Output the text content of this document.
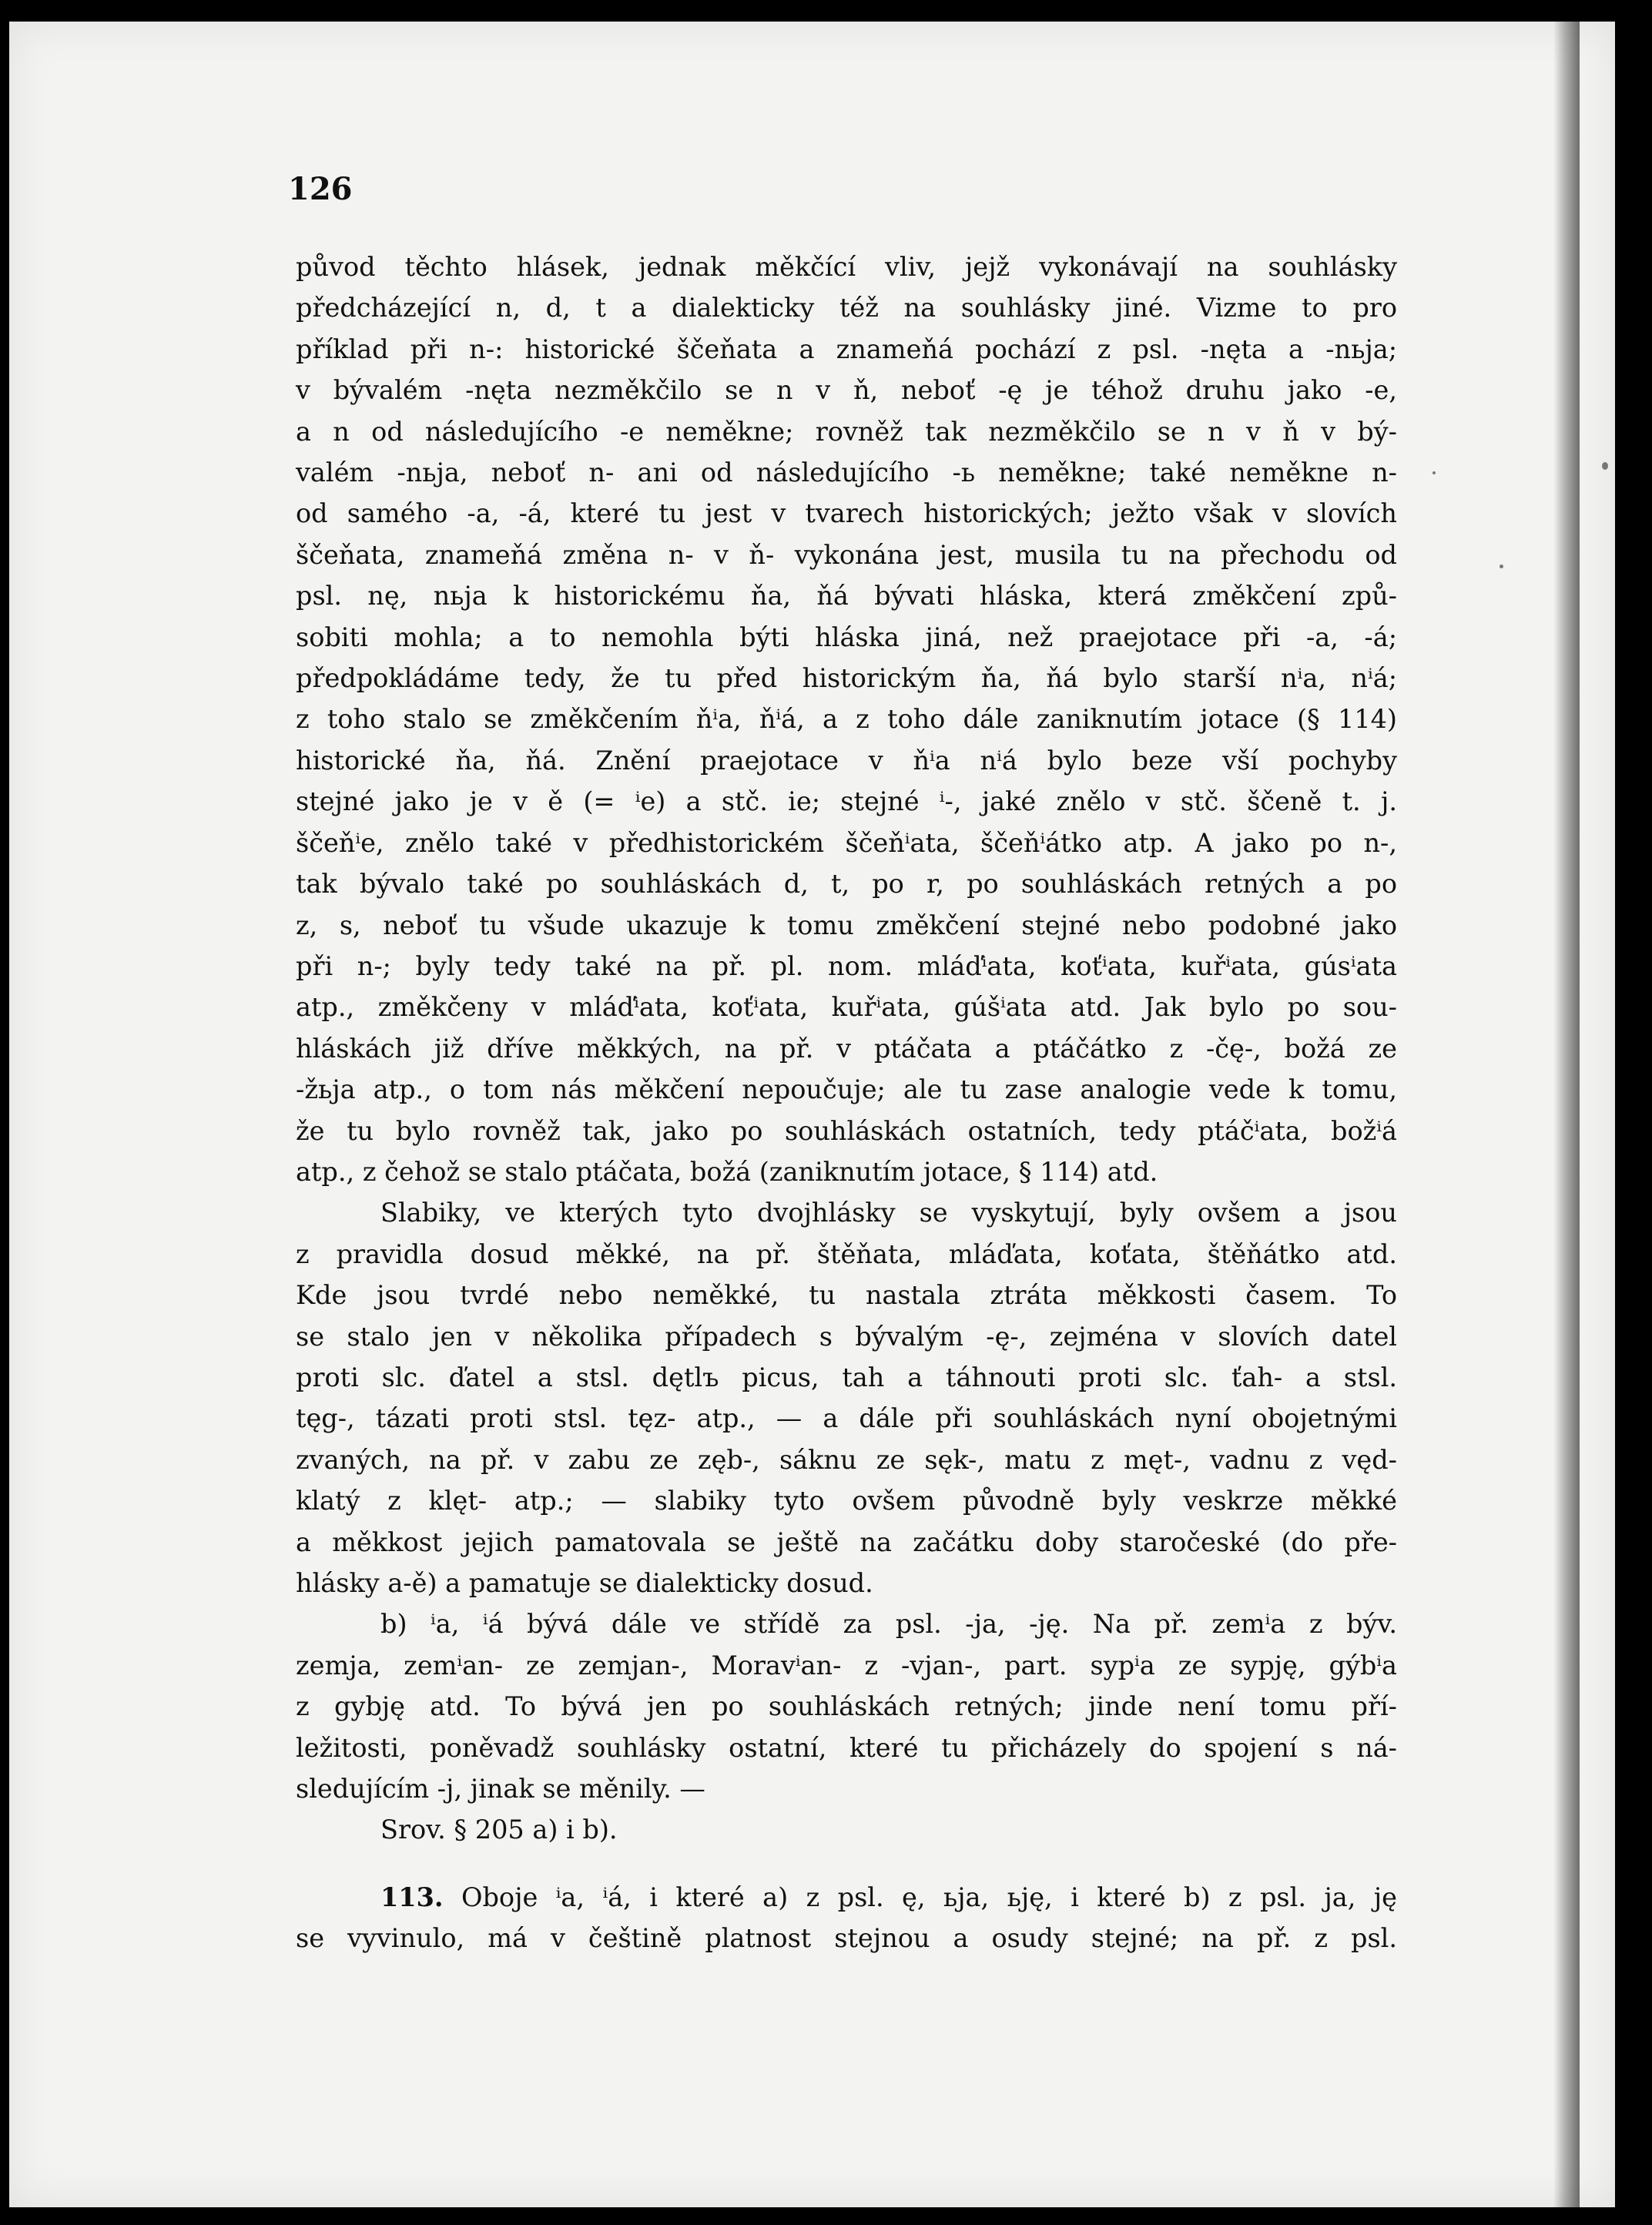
126

původ těchto hlásek, jednak měkčící vliv, jejž vykonávají na souhlásky

předcházející n, d, t a dialekticky též na souhlásky jiné. Vizme to pro

příklad při n-: historické ščeňata a znameňá pochází z psl. -nęta a -nьja;

v bývalém -nęta nezměkčilo se n v ň, neboť -ę je téhož druhu jako -e,

a n od následujícího -e neměkne; rovněž tak nezměkčilo se n v ň v bý-

valém -nьja, neboť n- ani od následujícího -ь neměkne; také neměkne n-

od samého -a, -á, které tu jest v tvarech historických; ježto však v slovích

ščeňata, znameňá změna n- v ň- vykonána jest, musila tu na přechodu od

psl. nę, nьja k historickému ňa, ňá bývati hláska, která změkčení způ-

sobiti mohla; a to nemohla býti hláska jiná, než praejotace při -a, -á;

předpokládáme tedy, že tu před historickým ňa, ňá bylo starší nⁱa, nⁱá;

z toho stalo se změkčením ňⁱa, ňⁱá, a z toho dále zaniknutím jotace (§ 114)

historické ňa, ňá. Znění praejotace v ňⁱa nⁱá bylo beze vší pochyby

stejné jako je v ě (= ⁱe) a stč. ie; stejné ⁱ-, jaké znělo v stč. ščeně t. j.

ščeňⁱe, znělo také v předhistorickém ščeňⁱata, ščeňⁱátko atp. A jako po n-,

tak bývalo také po souhláskách d, t, po r, po souhláskách retných a po

z, s, neboť tu všude ukazuje k tomu změkčení stejné nebo podobné jako

při n-; byly tedy také na př. pl. nom. mláďⁱata, koťⁱata, kuřⁱata, gúsⁱata

atp., změkčeny v mláďⁱata, koťⁱata, kuřⁱata, gúšⁱata atd. Jak bylo po sou-

hláskách již dříve měkkých, na př. v ptáčata a ptáčátko z -čę-, božá ze

-žьja atp., o tom nás měkčení nepoučuje; ale tu zase analogie vede k tomu,

že tu bylo rovněž tak, jako po souhláskách ostatních, tedy ptáčⁱata, božⁱá

atp., z čehož se stalo ptáčata, božá (zaniknutím jotace, § 114) atd.

Slabiky, ve kterých tyto dvojhlásky se vyskytují, byly ovšem a jsou

z pravidla dosud měkké, na př. štěňata, mláďata, koťata, štěňátko atd.

Kde jsou tvrdé nebo neměkké, tu nastala ztráta měkkosti časem. To

se stalo jen v několika případech s bývalým -ę-, zejména v slovích datel

proti slc. ďatel a stsl. dętlъ picus, tah a táhnouti proti slc. ťah- a stsl.

tęg-, tázati proti stsl. tęz- atp., — a dále při souhláskách nyní obojetnými

zvaných, na př. v zabu ze zęb-, sáknu ze sęk-, matu z męt-, vadnu z vęd-

klatý z klęt- atp.; — slabiky tyto ovšem původně byly veskrze měkké

a měkkost jejich pamatovala se ještě na začátku doby staročeské (do pře-

hlásky a-ě) a pamatuje se dialekticky dosud.

b) ⁱa, ⁱá bývá dále ve střídě za psl. -ja, -ję. Na př. zemⁱa z býv.

zemja, zemⁱan- ze zemjan-, Moravⁱan- z -vjan-, part. sypⁱa ze sypję, gýbⁱa

z gybję atd. To bývá jen po souhláskách retných; jinde není tomu pří-

ležitosti, poněvadž souhlásky ostatní, které tu přicházely do spojení s ná-

sledujícím -j, jinak se měnily. —

Srov. § 205 a) i b).

113. Oboje ⁱa, ⁱá, i které a) z psl. ę, ьja, ьję, i které b) z psl. ja, ję

se vyvinulo, má v češtině platnost stejnou a osudy stejné; na př. z psl.
